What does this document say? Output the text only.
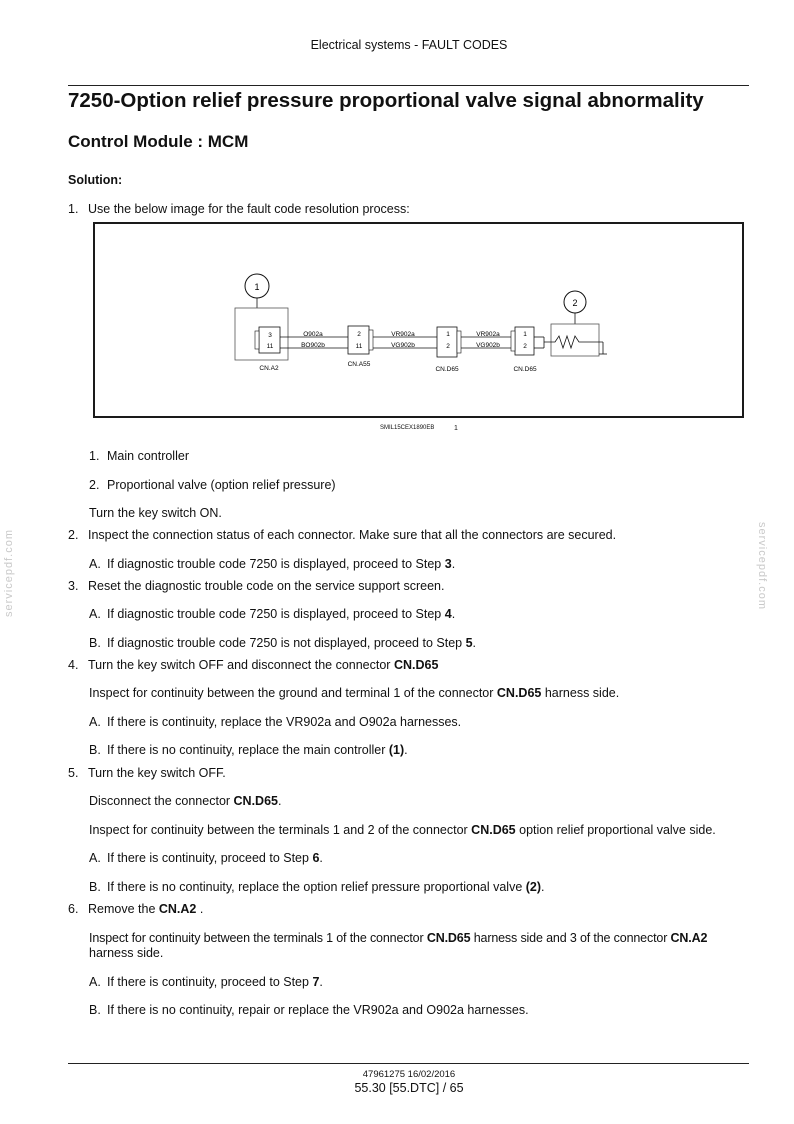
Electrical systems - FAULT CODES
7250-Option relief pressure proportional valve signal abnormality
Control Module : MCM
Solution:
1. Use the below image for the fault code resolution process:
1
3
11
CN.A2
O902a
BO902b
2
11
CN.A55
VR902a
VG902b
1
2
CN.D65
VR902a
VG902b
1
2
CN.D65
2
SMIL15CEX1890EB	1
1. Main controller
2. Proportional valve (option relief pressure)
Turn the key switch ON.
2. Inspect the connection status of each connector. Make sure that all the connectors are secured.
A. If diagnostic trouble code 7250 is displayed, proceed to Step 3.
3. Reset the diagnostic trouble code on the service support screen.
A. If diagnostic trouble code 7250 is displayed, proceed to Step 4.
B. If diagnostic trouble code 7250 is not displayed, proceed to Step 5.
4. Turn the key switch OFF and disconnect the connector CN.D65
Inspect for continuity between the ground and terminal 1 of the connector CN.D65 harness side.
A. If there is continuity, replace the VR902a and O902a harnesses.
B. If there is no continuity, replace the main controller (1).
5. Turn the key switch OFF.
Disconnect the connector CN.D65.
Inspect for continuity between the terminals 1 and 2 of the connector CN.D65 option relief proportional valve side.
A. If there is continuity, proceed to Step 6.
B. If there is no continuity, replace the option relief pressure proportional valve (2).
6. Remove the CN.A2 .
Inspect for continuity between the terminals 1 of the connector CN.D65 harness side and 3 of the connector CN.A2
harness side.
A. If there is continuity, proceed to Step 7.
B. If there is no continuity, repair or replace the VR902a and O902a harnesses.
servicepdf.com	servicepdf.com
47961275 16/02/2016
55.30 [55.DTC] / 65
